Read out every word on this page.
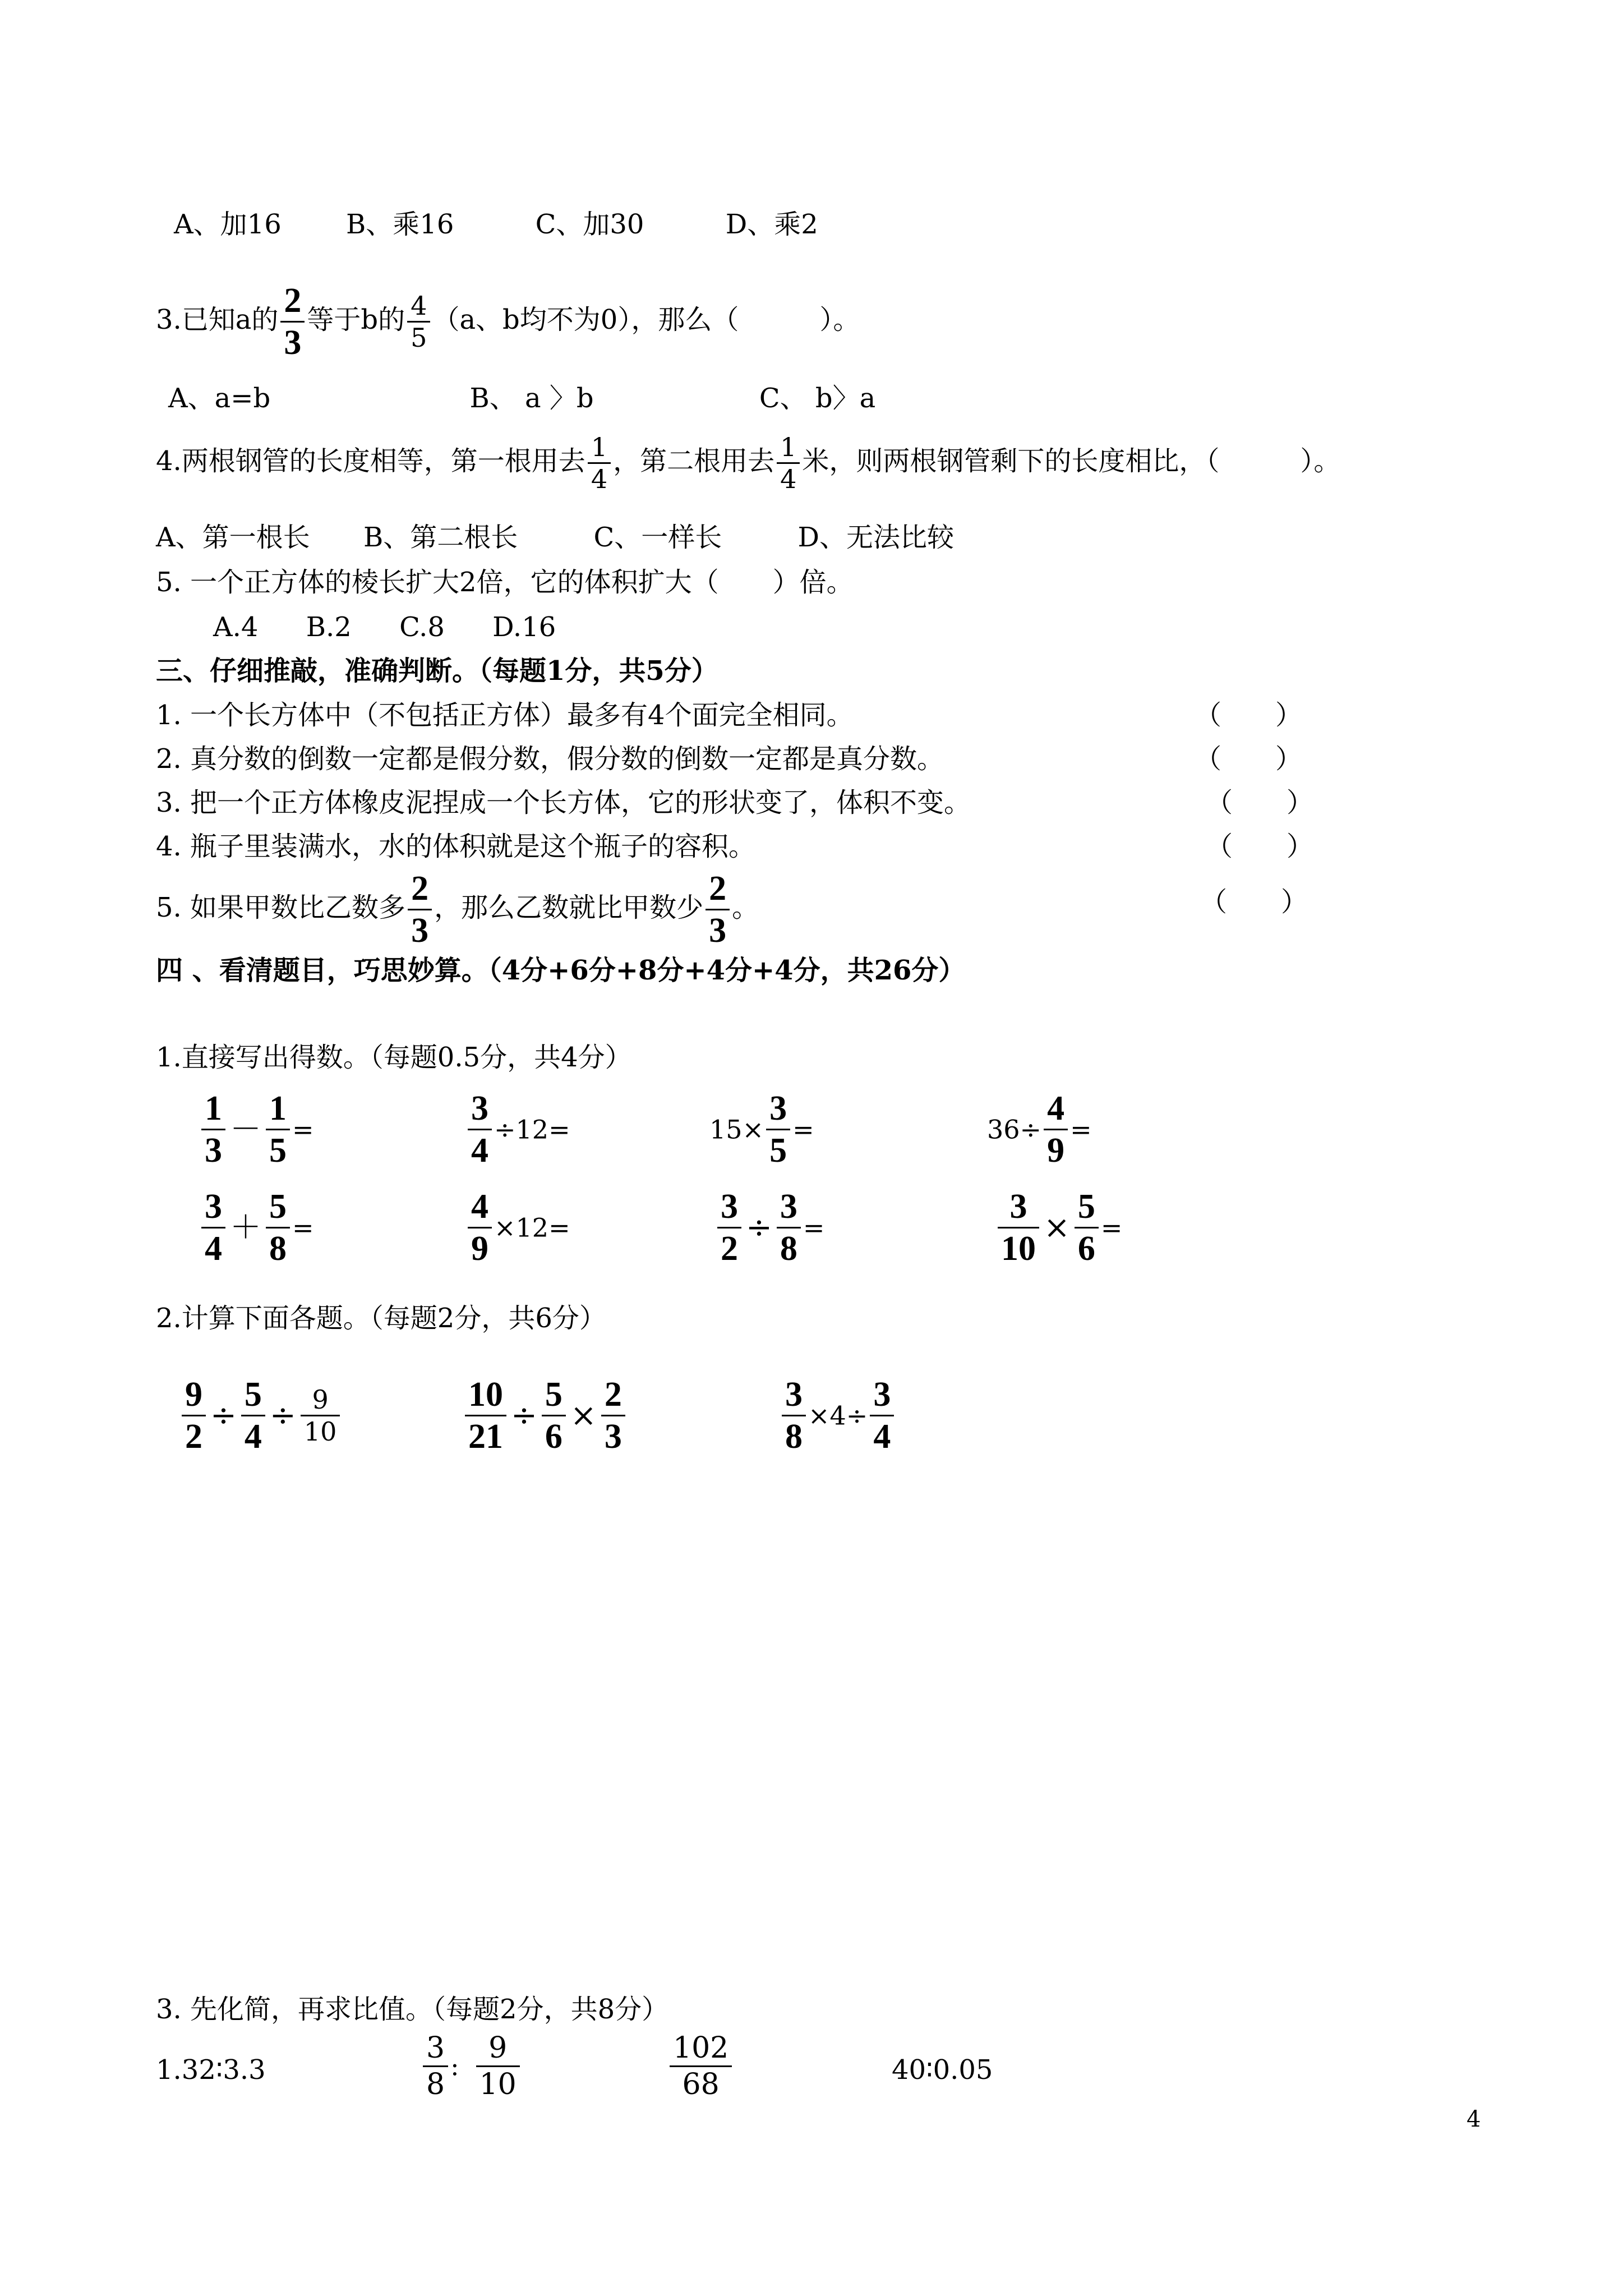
A、加16 B、乘16	C、加30	D、乘2
3.已知a的 $\frac{2}{3}$ 等于b的 $\frac{4}{5} (a$、b均不为0），那么（　　　）。
A、a=b	B、 a 〉b	C、 b〉a
4.两根钢管的长度相等，第一根用去 $\frac{1}{4}$ ，第二根用去 $\frac{1}{4}$ 米，则两根钢管剩下的长度相比，（　　　）。
A、第一根长 B、第二根长	C、一样长	D、无法比较
5. 一个正方体的棱长扩大2倍，它的体积扩大（　　）倍。
A.4 B.2 C.8 D.16
三、仔细推敲，准确判断。（每题1分，共5分）
1. 一个长方体中（不包括正方体）最多有4个面完全相同。	（　　）
2. 真分数的倒数一定都是假分数，假分数的倒数一定都是真分数。	（　　）
3. 把一个正方体橡皮泥捏成一个长方体，它的形状变了，体积不变。	（　　）
4. 瓶子里装满水，水的体积就是这个瓶子的容积。	（　　）
5. 如果甲数比乙数多 $\frac{2}{3}$ ，那么乙数就比甲数少 $\frac{2}{3}$ 。	（　　）
四 、看清题目，巧思妙算。（4分+6分+8分+4分+4分，共26分）
1.直接写出得数。（每题0.5分，共4分）
$\frac{1}{3} - \frac{1}{5}$ =	$\frac{3}{4} \div 12=$	$15\times \frac{3}{5}$ =	$36\div \frac{4}{9}$ =
$\frac{3}{4} + \frac{5}{8}$ =	$\frac{4}{9} \times 12=$	$\frac{3}{2} \div \frac{3}{8}$ =	$\frac{3}{10} \times \frac{5}{6}$ =
2.计算下面各题。（每题2分，共6分）
$\frac{9}{2} \div \frac{5}{4} \div \frac{9}{10}$	$\frac{10}{21} \div \frac{5}{6} \times \frac{2}{3}$	$\frac{3}{8} \times 4\div \frac{3}{4}$
3. 先化简，再求比值。（每题2分，共8分）
1.32∶3.3	$\frac{3}{8}$ : $\frac{9}{10}$	$\frac{102}{68}$	40∶0.05
4
